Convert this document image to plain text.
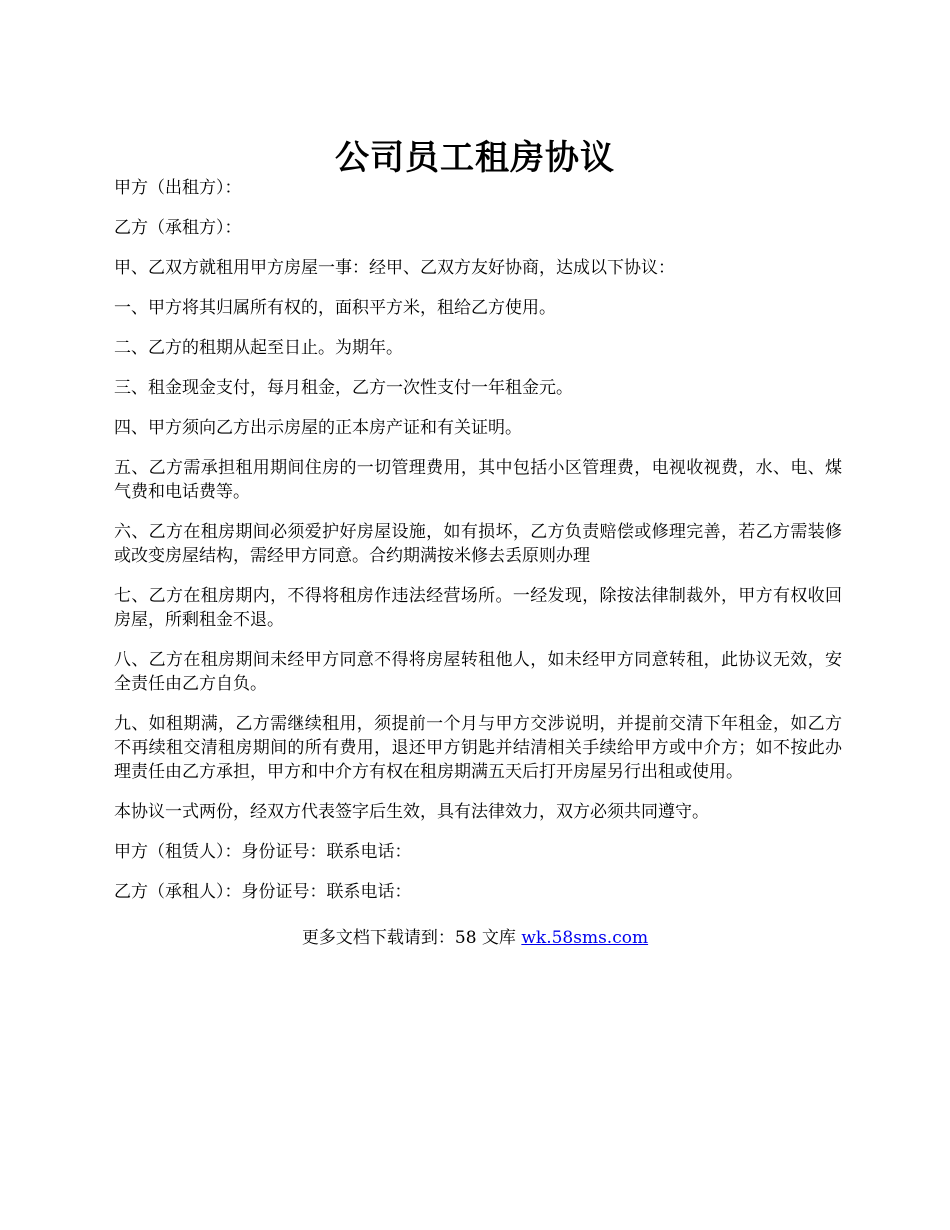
公司员工租房协议

甲方（出租方）：

乙方（承租方）：

甲、乙双方就租用甲方房屋一事：经甲、乙双方友好协商，达成以下协议：

一、甲方将其归属所有权的，面积平方米，租给乙方使用。

二、乙方的租期从起至日止。为期年。

三、租金现金支付，每月租金，乙方一次性支付一年租金元。

四、甲方须向乙方出示房屋的正本房产证和有关证明。

五、乙方需承担租用期间住房的一切管理费用，其中包括小区管理费，电视收视费，水、电、煤气费和电话费等。

六、乙方在租房期间必须爱护好房屋设施，如有损坏，乙方负责赔偿或修理完善，若乙方需装修或改变房屋结构，需经甲方同意。合约期满按米修去丢原则办理

七、乙方在租房期内，不得将租房作违法经营场所。一经发现，除按法律制裁外，甲方有权收回房屋，所剩租金不退。

八、乙方在租房期间未经甲方同意不得将房屋转租他人，如未经甲方同意转租，此协议无效，安全责任由乙方自负。

九、如租期满，乙方需继续租用，须提前一个月与甲方交涉说明，并提前交清下年租金，如乙方不再续租交清租房期间的所有费用，退还甲方钥匙并结清相关手续给甲方或中介方；如不按此办理责任由乙方承担，甲方和中介方有权在租房期满五天后打开房屋另行出租或使用。

本协议一式两份，经双方代表签字后生效，具有法律效力，双方必须共同遵守。

甲方（租赁人）：身份证号：联系电话：

乙方（承租人）：身份证号：联系电话：

更多文档下载请到：58 文库 wk.58sms.com
